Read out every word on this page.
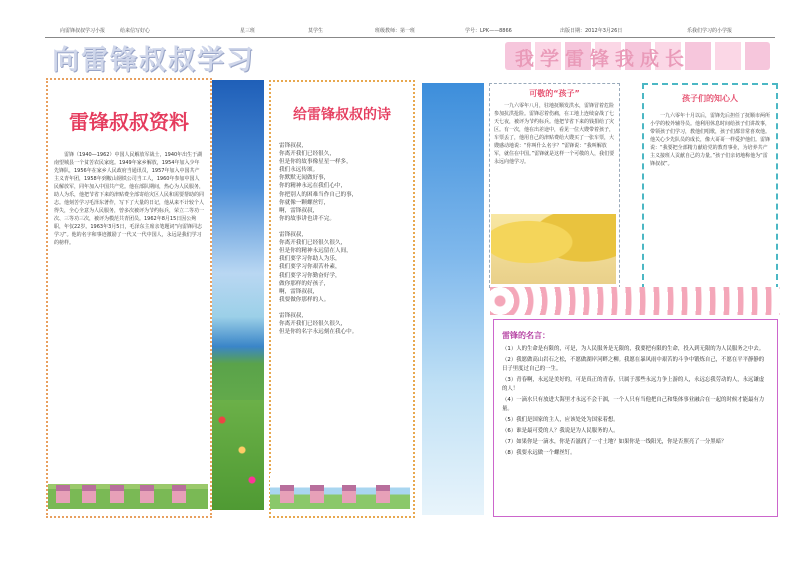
向雷锋叔叔学习小报	给来信写好心	星三班	莫学生	班级教师：第一班	学号：LPK——8866	出版日期：2012年3月26日	乐我们学习的小学报
向雷锋叔叔学习	我学雷锋我成长
雷锋叔叔资料

雷锋（1940—1962）中国人民解放军战士，1940年出生于湖南望城县一个贫苦农民家庭。1949年家乡解放，1954年加入少年先锋队，1956年在家乡人民政府当通讯员，1957年加入中国共产主义青年团，1958年到鞍山钢铁公司当工人，1960年参加中国人民解放军，同年加入中国共产党。他在部队期间，热心为人民服务，助人为乐，他把节省下来的津贴费全部寄给灾区人民和需要帮助的同志。他刻苦学习毛泽东著作，写下了大量的日记，他从来不计较个人得失，全心全意为人民服务，曾多次被评为节约标兵，荣立二等功一次、三等功三次，被评为模范共青团员。1962年8月15日因公殉职，年仅22岁。1963年3月5日，毛泽东主席亲笔题词“向雷锋同志学习”。他的名字和事迹激励了一代又一代中国人，永远是我们学习的榜样。

给雷锋叔叔的诗
雷锋叔叔，
你离开我们已经很久，
但是你的故事像星星一样多，
我们永远传颂。
你默默无闻做好事，
你的精神永远在我们心中，
你把别人的困难当作自己的事，
你就像一颗螺丝钉，
啊，雷锋叔叔，
你的故事讲也讲不完。

雷锋叔叔，
你离开我们已经很久很久，
但是你的精神永远留在人间，
我们要学习你助人为乐，
我们要学习你艰苦朴素，
我们要学习你勤奋好学，
做你那样的好孩子，
啊，雷锋叔叔，
我要做你那样的人。

雷锋叔叔，
你离开我们已经很久很久，
但是你的名字永远刻在我心中。
可敬的“孩子”

一九六零年八月，驻地抚顺发洪水，雷锋冒着危险参加抗洪抢险。雷锋忍着伤痛，在工地上连续奋战了七天七夜，被评为节约标兵。他把节省下来的钱捐给了灾区。有一次，他在出差途中，看见一位大嫂带着孩子，车票丢了，他用自己的津贴费给大嫂买了一张车票，大嫂感动地说：“你叫什么名字？”雷锋说：“我叫解放军，就住在中国。”雷锋就是这样一个可敬的人，我们要永远向他学习。

孩子们的知心人

一九六零年十月以后，雷锋先后担任了抚顺市两所小学的校外辅导员。他利用休息时间给孩子们讲故事，带领孩子们学习，教他们唱歌，孩子们都非常喜欢他。他关心少先队员的成长，像大哥哥一样爱护他们。雷锋说：“我要把全部精力献给党的教育事业，为培养共产主义接班人贡献自己的力量。”孩子们亲切地称他为“雷锋叔叔”。

雷锋的名言：
（1）人的生命是有限的，可是，为人民服务是无限的，我要把有限的生命，投入到无限的为人民服务之中去。
（2）我愿做高山岩石之松，不愿做湖岸河畔之柳。我愿在暴风雨中艰苦的斗争中锻炼自己，不愿在平平静静的日子里度过自己的一生。
（3）青春啊，永远是美好的，可是真正的青春，只属于那些永远力争上游的人，永远忘我劳动的人，永远谦虚的人！
（4）一滴水只有放进大海里才永远不会干涸，一个人只有当他把自己和集体事业融合在一起的时候才能最有力量。
（5）我们是国家的主人，应该处处为国家着想。
（6）谁是最可爱的人？我说是为人民服务的人。
（7）如果你是一滴水，你是否滋润了一寸土地？如果你是一线阳光，你是否照亮了一分黑暗？
（8）我要永远做一个螺丝钉。
